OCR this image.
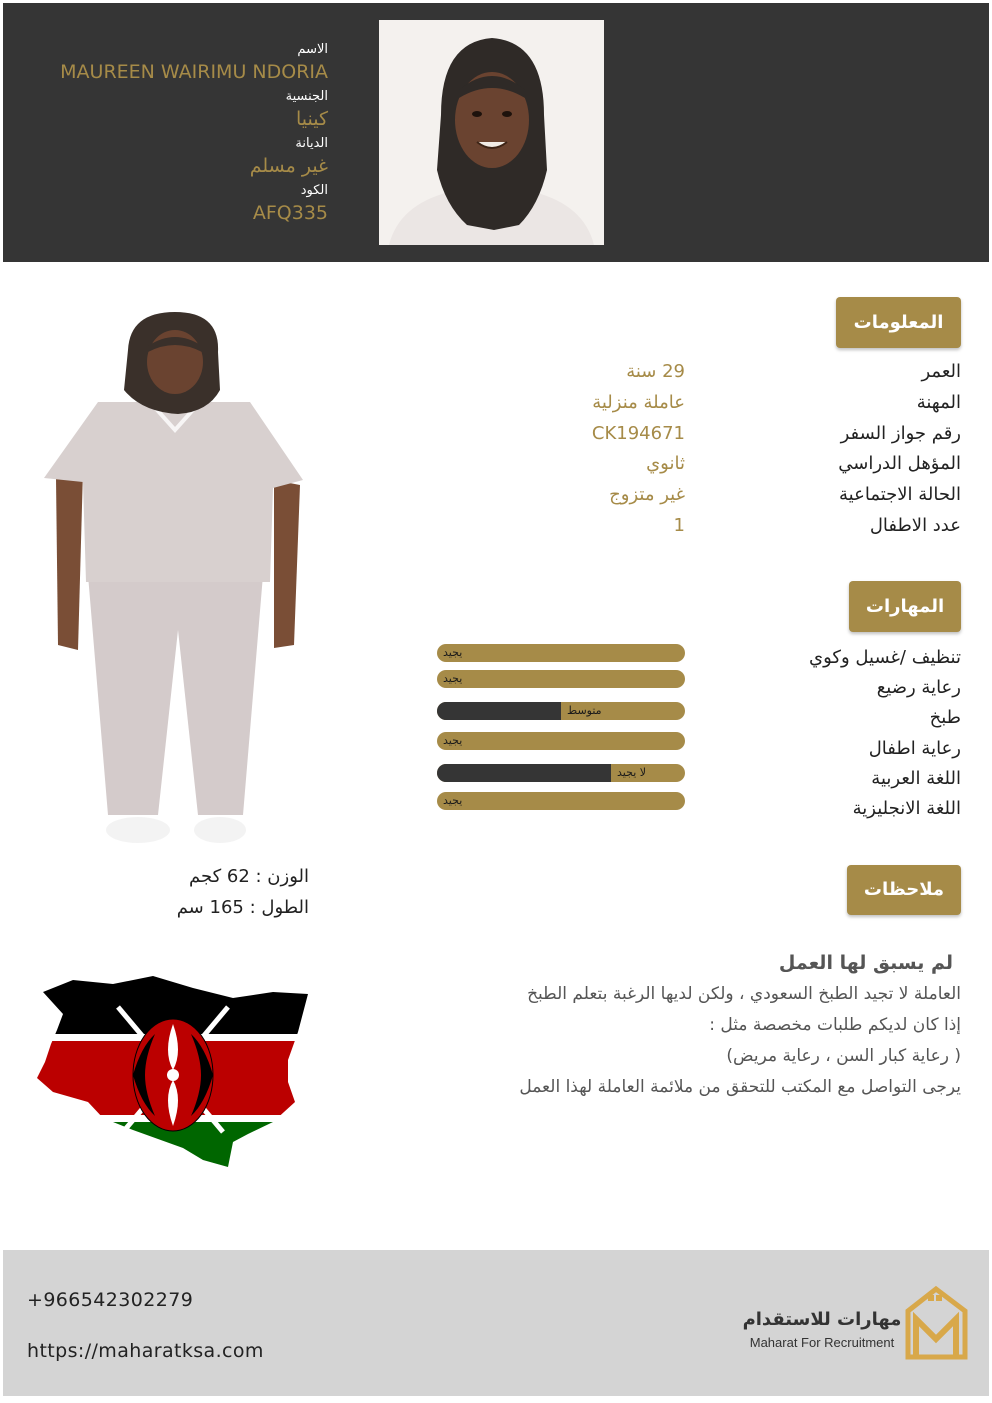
الاسم
MAUREEN WAIRIMU NDORIA
الجنسية
كينيا
الديانة
غير مسلم
الكود
AFQ335
المعلومات
العمر
29 سنة
المهنة
عاملة منزلية
رقم جواز السفر
CK194671
المؤهل الدراسي
ثانوي
الحالة الاجتماعية
غير متزوج
عدد الاطفال
1
المهارات
تنظيف /غسيل وكوي
رعاية رضيع
طبخ
رعاية اطفال
اللغة العربية
اللغة الانجليزية
يجيد
يجيد
متوسط
يجيد
لا يجيد
يجيد
ملاحظات
لم يسبق لها العمل
العاملة لا تجيد الطبخ السعودي ، ولكن لديها الرغبة بتعلم الطبخ
إذا كان لديكم طلبات مخصصة مثل :
( رعاية كبار السن ، رعاية مريض)
يرجى التواصل مع المكتب للتحقق من ملائمة العاملة لهذا العمل
الوزن : 62 كجم
الطول : 165 سم
+966542302279
https://maharatksa.com
مهارات للاستقدام
Maharat For Recruitment
